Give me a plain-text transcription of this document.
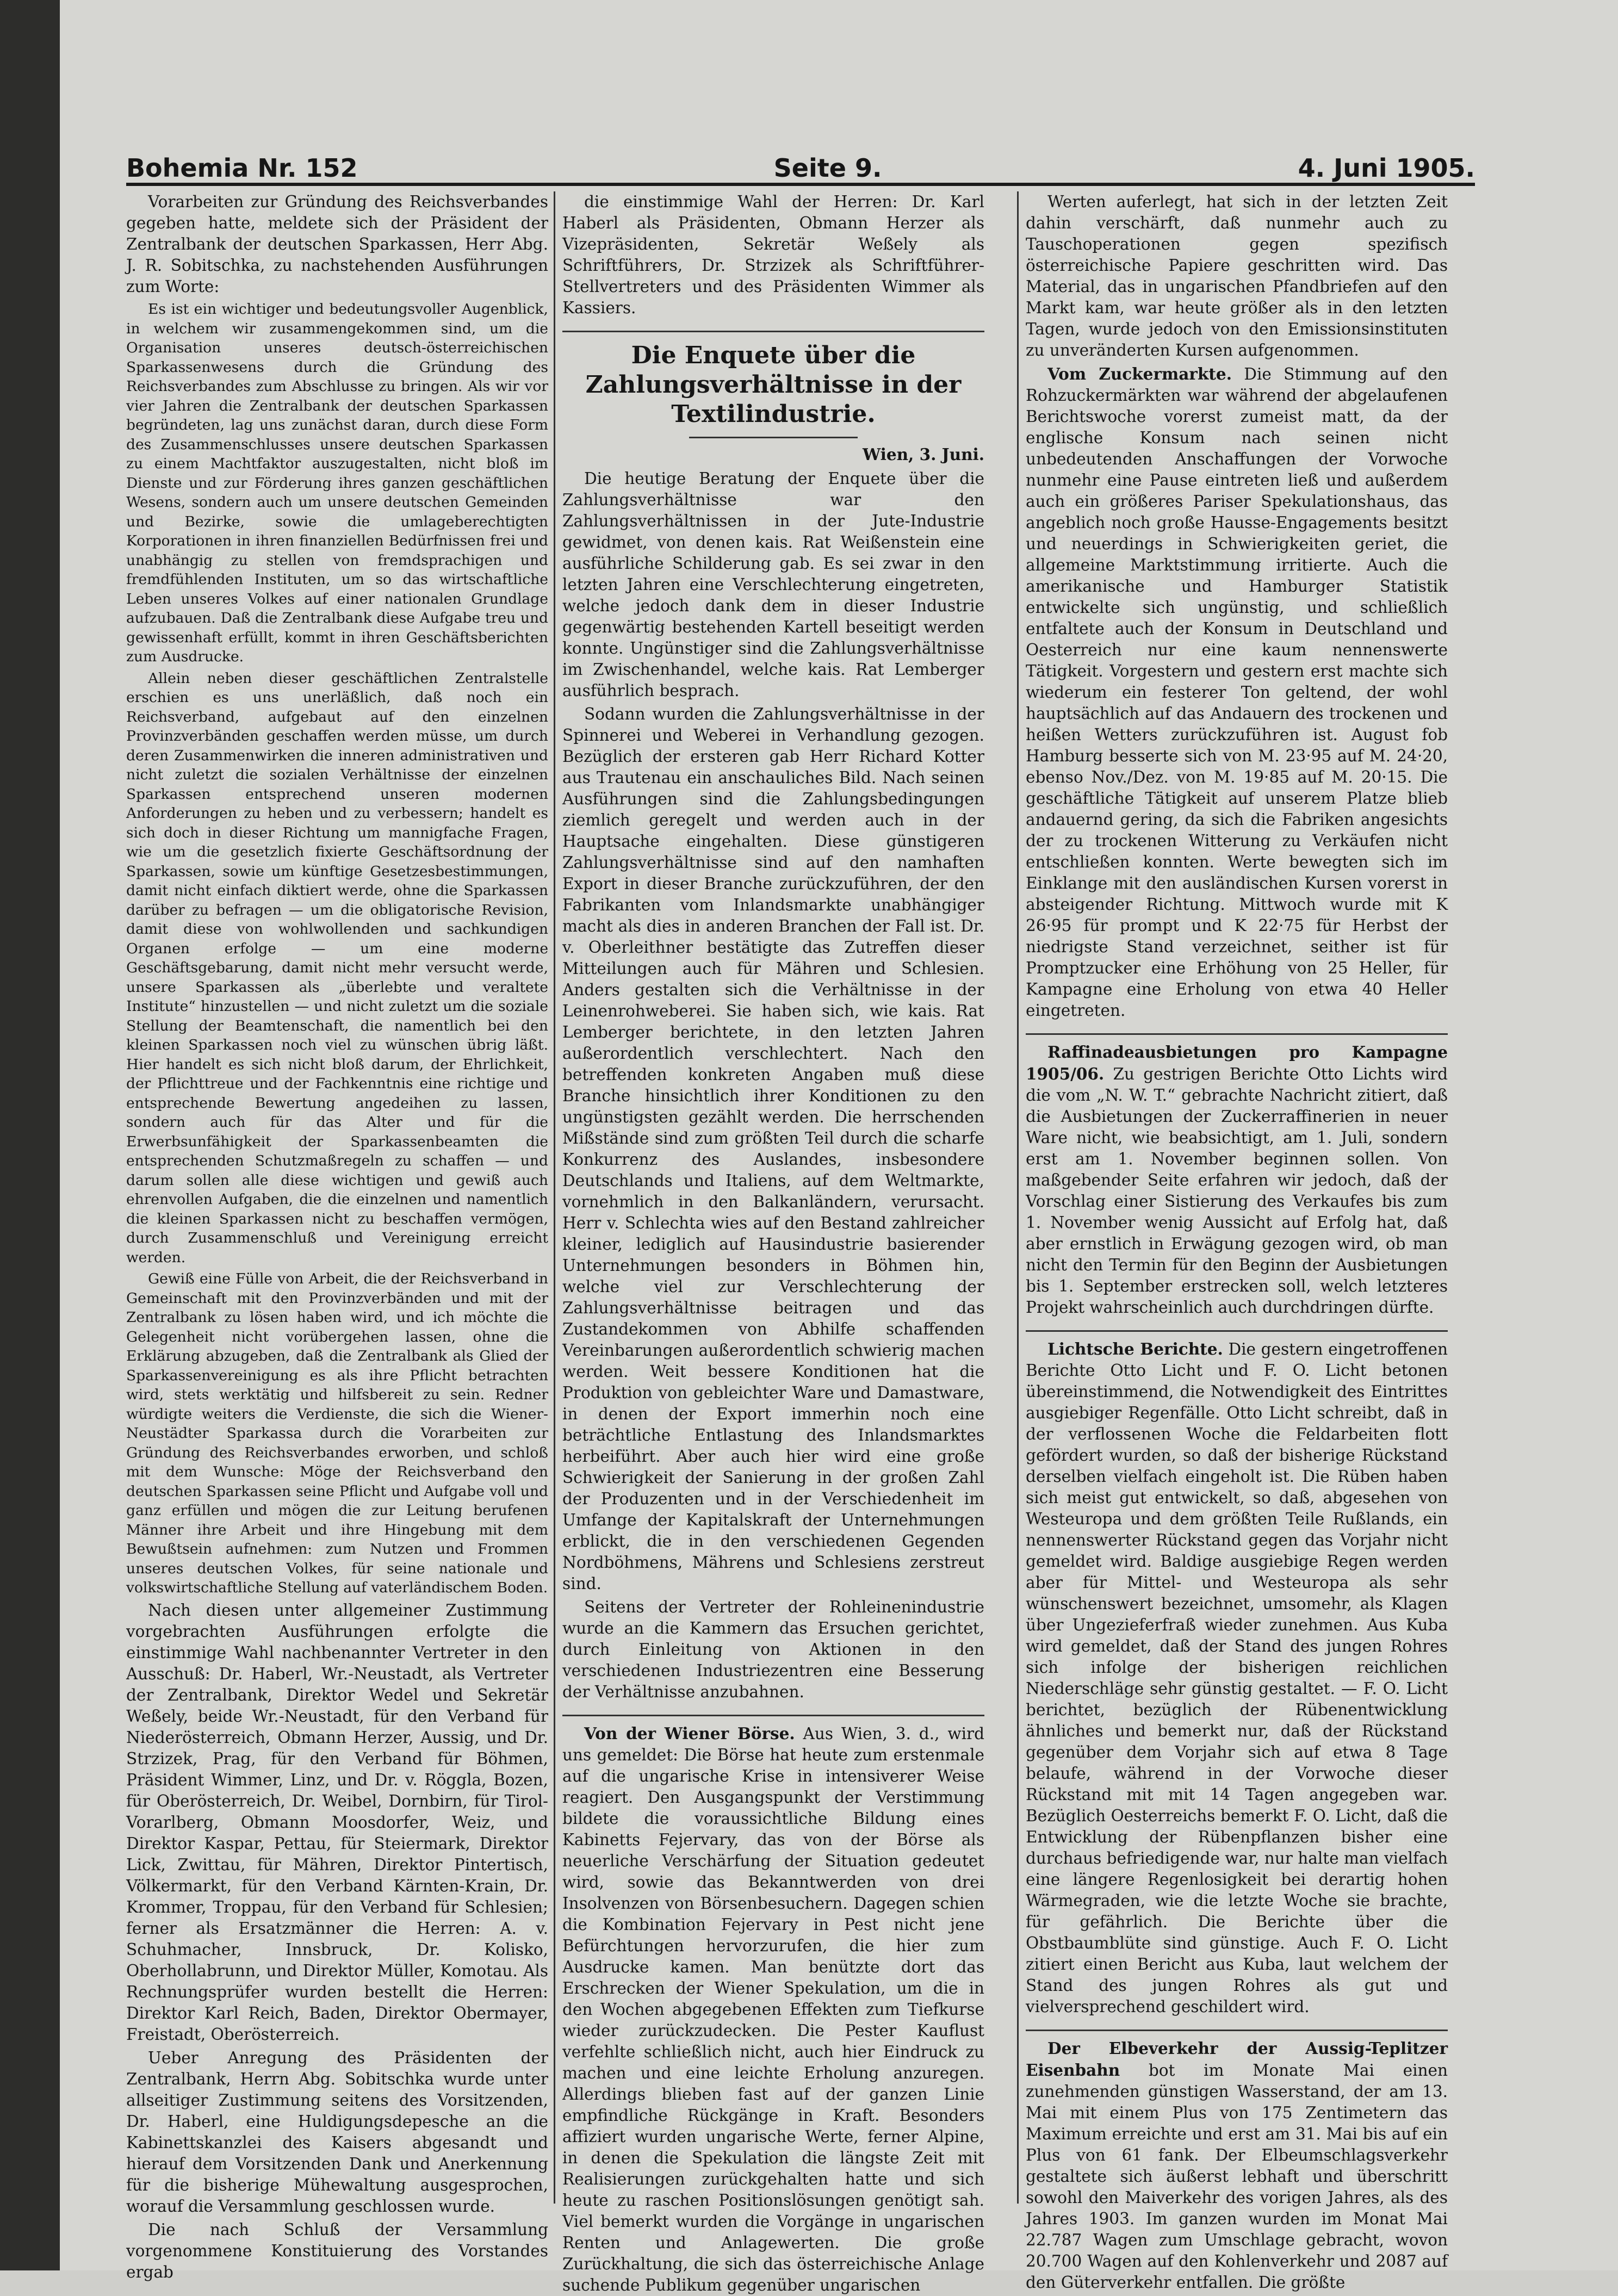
Bohemia Nr. 152	Seite 9.	4. Juni 1905.

Vorarbeiten zur Gründung des Reichsverbandes gegeben hatte, meldete sich der Präsident der Zentralbank der deutschen Sparkassen, Herr Abg. J. R. Sobitschka, zu nachstehenden Ausführungen zum Worte:

Es ist ein wichtiger und bedeutungsvoller Augenblick, in welchem wir zusammengekommen sind, um die Organisation unseres deutsch-österreichischen Sparkassenwesens durch die Gründung des Reichsverbandes zum Abschlusse zu bringen. Als wir vor vier Jahren die Zentralbank der deutschen Sparkassen begründeten, lag uns zunächst daran, durch diese Form des Zusammenschlusses unsere deutschen Sparkassen zu einem Machtfaktor auszugestalten, nicht bloß im Dienste und zur Förderung ihres ganzen geschäftlichen Wesens, sondern auch um unsere deutschen Gemeinden und Bezirke, sowie die umlageberechtigten Korporationen in ihren finanziellen Bedürfnissen frei und unabhängig zu stellen von fremdsprachigen und fremdfühlenden Instituten, um so das wirtschaftliche Leben unseres Volkes auf einer nationalen Grundlage aufzubauen. Daß die Zentralbank diese Aufgabe treu und gewissenhaft erfüllt, kommt in ihren Geschäftsberichten zum Ausdrucke.

Allein neben dieser geschäftlichen Zentralstelle erschien es uns unerläßlich, daß noch ein Reichsverband, aufgebaut auf den einzelnen Provinzverbänden geschaffen werden müsse, um durch deren Zusammenwirken die inneren administrativen und nicht zuletzt die sozialen Verhältnisse der einzelnen Sparkassen entsprechend unseren modernen Anforderungen zu heben und zu verbessern; handelt es sich doch in dieser Richtung um mannigfache Fragen, wie um die gesetzlich fixierte Geschäftsordnung der Sparkassen, sowie um künftige Gesetzesbestimmungen, damit nicht einfach diktiert werde, ohne die Sparkassen darüber zu befragen — um die obligatorische Revision, damit diese von wohlwollenden und sachkundigen Organen erfolge — um eine moderne Geschäftsgebarung, damit nicht mehr versucht werde, unsere Sparkassen als „überlebte und veraltete Institute“ hinzustellen — und nicht zuletzt um die soziale Stellung der Beamtenschaft, die namentlich bei den kleinen Sparkassen noch viel zu wünschen übrig läßt. Hier handelt es sich nicht bloß darum, der Ehrlichkeit, der Pflichttreue und der Fachkenntnis eine richtige und entsprechende Bewertung angedeihen zu lassen, sondern auch für das Alter und für die Erwerbsunfähigkeit der Sparkassenbeamten die entsprechenden Schutzmaßregeln zu schaffen — und darum sollen alle diese wichtigen und gewiß auch ehrenvollen Aufgaben, die die einzelnen und namentlich die kleinen Sparkassen nicht zu beschaffen vermögen, durch Zusammenschluß und Vereinigung erreicht werden.

Gewiß eine Fülle von Arbeit, die der Reichsverband in Gemeinschaft mit den Provinzverbänden und mit der Zentralbank zu lösen haben wird, und ich möchte die Gelegenheit nicht vorübergehen lassen, ohne die Erklärung abzugeben, daß die Zentralbank als Glied der Sparkassenvereinigung es als ihre Pflicht betrachten wird, stets werktätig und hilfsbereit zu sein. Redner würdigte weiters die Verdienste, die sich die Wiener-Neustädter Sparkassa durch die Vorarbeiten zur Gründung des Reichsverbandes erworben, und schloß mit dem Wunsche: Möge der Reichsverband den deutschen Sparkassen seine Pflicht und Aufgabe voll und ganz erfüllen und mögen die zur Leitung berufenen Männer ihre Arbeit und ihre Hingebung mit dem Bewußtsein aufnehmen: zum Nutzen und Frommen unseres deutschen Volkes, für seine nationale und volkswirtschaftliche Stellung auf vaterländischem Boden.

Nach diesen unter allgemeiner Zustimmung vorgebrachten Ausführungen erfolgte die einstimmige Wahl nachbenannter Vertreter in den Ausschuß: Dr. Haberl, Wr.-Neustadt, als Vertreter der Zentralbank, Direktor Wedel und Sekretär Weßely, beide Wr.-Neustadt, für den Verband für Niederösterreich, Obmann Herzer, Aussig, und Dr. Strzizek, Prag, für den Verband für Böhmen, Präsident Wimmer, Linz, und Dr. v. Röggla, Bozen, für Oberösterreich, Dr. Weibel, Dornbirn, für Tirol-Vorarlberg, Obmann Moosdorfer, Weiz, und Direktor Kaspar, Pettau, für Steiermark, Direktor Lick, Zwittau, für Mähren, Direktor Pintertisch, Völkermarkt, für den Verband Kärnten-Krain, Dr. Krommer, Troppau, für den Verband für Schlesien; ferner als Ersatzmänner die Herren: A. v. Schuhmacher, Innsbruck, Dr. Kolisko, Oberhollabrunn, und Direktor Müller, Komotau. Als Rechnungsprüfer wurden bestellt die Herren: Direktor Karl Reich, Baden, Direktor Obermayer, Freistadt, Oberösterreich.

Ueber Anregung des Präsidenten der Zentralbank, Herrn Abg. Sobitschka wurde unter allseitiger Zustimmung seitens des Vorsitzenden, Dr. Haberl, eine Huldigungsdepesche an die Kabinettskanzlei des Kaisers abgesandt und hierauf dem Vorsitzenden Dank und Anerkennung für die bisherige Mühewaltung ausgesprochen, worauf die Versammlung geschlossen wurde.

Die nach Schluß der Versammlung vorgenommene Konstituierung des Vorstandes ergab

die einstimmige Wahl der Herren: Dr. Karl Haberl als Präsidenten, Obmann Herzer als Vizepräsidenten, Sekretär Weßely als Schriftführers, Dr. Strzizek als Schriftführer-Stellvertreters und des Präsidenten Wimmer als Kassiers.

Die Enquete über die Zahlungsverhältnisse in der Textilindustrie.
Wien, 3. Juni.

Die heutige Beratung der Enquete über die Zahlungsverhältnisse war den Zahlungsverhältnissen in der Jute-Industrie gewidmet, von denen kais. Rat Weißenstein eine ausführliche Schilderung gab. Es sei zwar in den letzten Jahren eine Verschlechterung eingetreten, welche jedoch dank dem in dieser Industrie gegenwärtig bestehenden Kartell beseitigt werden konnte. Ungünstiger sind die Zahlungsverhältnisse im Zwischenhandel, welche kais. Rat Lemberger ausführlich besprach.

Sodann wurden die Zahlungsverhältnisse in der Spinnerei und Weberei in Verhandlung gezogen. Bezüglich der ersteren gab Herr Richard Kotter aus Trautenau ein anschauliches Bild. Nach seinen Ausführungen sind die Zahlungsbedingungen ziemlich geregelt und werden auch in der Hauptsache eingehalten. Diese günstigeren Zahlungsverhältnisse sind auf den namhaften Export in dieser Branche zurückzuführen, der den Fabrikanten vom Inlandsmarkte unabhängiger macht als dies in anderen Branchen der Fall ist. Dr. v. Oberleithner bestätigte das Zutreffen dieser Mitteilungen auch für Mähren und Schlesien. Anders gestalten sich die Verhältnisse in der Leinenrohweberei. Sie haben sich, wie kais. Rat Lemberger berichtete, in den letzten Jahren außerordentlich verschlechtert. Nach den betreffenden konkreten Angaben muß diese Branche hinsichtlich ihrer Konditionen zu den ungünstigsten gezählt werden. Die herrschenden Mißstände sind zum größten Teil durch die scharfe Konkurrenz des Auslandes, insbesondere Deutschlands und Italiens, auf dem Weltmarkte, vornehmlich in den Balkanländern, verursacht. Herr v. Schlechta wies auf den Bestand zahlreicher kleiner, lediglich auf Hausindustrie basierender Unternehmungen besonders in Böhmen hin, welche viel zur Verschlechterung der Zahlungsverhältnisse beitragen und das Zustandekommen von Abhilfe schaffenden Vereinbarungen außerordentlich schwierig machen werden. Weit bessere Konditionen hat die Produktion von gebleichter Ware und Damastware, in denen der Export immerhin noch eine beträchtliche Entlastung des Inlandsmarktes herbeiführt. Aber auch hier wird eine große Schwierigkeit der Sanierung in der großen Zahl der Produzenten und in der Verschiedenheit im Umfange der Kapitalskraft der Unternehmungen erblickt, die in den verschiedenen Gegenden Nordböhmens, Mährens und Schlesiens zerstreut sind.

Seitens der Vertreter der Rohleinenindustrie wurde an die Kammern das Ersuchen gerichtet, durch Einleitung von Aktionen in den verschiedenen Industriezentren eine Besserung der Verhältnisse anzubahnen.

Von der Wiener Börse. Aus Wien, 3. d., wird uns gemeldet: Die Börse hat heute zum erstenmale auf die ungarische Krise in intensiverer Weise reagiert. Den Ausgangspunkt der Verstimmung bildete die voraussichtliche Bildung eines Kabinetts Fejervary, das von der Börse als neuerliche Verschärfung der Situation gedeutet wird, sowie das Bekanntwerden von drei Insolvenzen von Börsenbesuchern. Dagegen schien die Kombination Fejervary in Pest nicht jene Befürchtungen hervorzurufen, die hier zum Ausdrucke kamen. Man benützte dort das Erschrecken der Wiener Spekulation, um die in den Wochen abgegebenen Effekten zum Tiefkurse wieder zurückzudecken. Die Pester Kauflust verfehlte schließlich nicht, auch hier Eindruck zu machen und eine leichte Erholung anzuregen. Allerdings blieben fast auf der ganzen Linie empfindliche Rückgänge in Kraft. Besonders affiziert wurden ungarische Werte, ferner Alpine, in denen die Spekulation die längste Zeit mit Realisierungen zurückgehalten hatte und sich heute zu raschen Positionslösungen genötigt sah. Viel bemerkt wurden die Vorgänge in ungarischen Renten und Anlagewerten. Die große Zurückhaltung, die sich das österreichische Anlage suchende Publikum gegenüber ungarischen

Werten auferlegt, hat sich in der letzten Zeit dahin verschärft, daß nunmehr auch zu Tauschoperationen gegen spezifisch österreichische Papiere geschritten wird. Das Material, das in ungarischen Pfandbriefen auf den Markt kam, war heute größer als in den letzten Tagen, wurde jedoch von den Emissionsinstituten zu unveränderten Kursen aufgenommen.

Vom Zuckermarkte. Die Stimmung auf den Rohzuckermärkten war während der abgelaufenen Berichtswoche vorerst zumeist matt, da der englische Konsum nach seinen nicht unbedeutenden Anschaffungen der Vorwoche nunmehr eine Pause eintreten ließ und außerdem auch ein größeres Pariser Spekulationshaus, das angeblich noch große Hausse-Engagements besitzt und neuerdings in Schwierigkeiten geriet, die allgemeine Marktstimmung irritierte. Auch die amerikanische und Hamburger Statistik entwickelte sich ungünstig, und schließlich entfaltete auch der Konsum in Deutschland und Oesterreich nur eine kaum nennenswerte Tätigkeit. Vorgestern und gestern erst machte sich wiederum ein festerer Ton geltend, der wohl hauptsächlich auf das Andauern des trockenen und heißen Wetters zurückzuführen ist. August fob Hamburg besserte sich von M. 23·95 auf M. 24·20, ebenso Nov./Dez. von M. 19·85 auf M. 20·15. Die geschäftliche Tätigkeit auf unserem Platze blieb andauernd gering, da sich die Fabriken angesichts der zu trockenen Witterung zu Verkäufen nicht entschließen konnten. Werte bewegten sich im Einklange mit den ausländischen Kursen vorerst in absteigender Richtung. Mittwoch wurde mit K 26·95 für prompt und K 22·75 für Herbst der niedrigste Stand verzeichnet, seither ist für Promptzucker eine Erhöhung von 25 Heller, für Kampagne eine Erholung von etwa 40 Heller eingetreten.

Raffinadeausbietungen pro Kampagne 1905/06. Zu gestrigen Berichte Otto Lichts wird die vom „N. W. T.“ gebrachte Nachricht zitiert, daß die Ausbietungen der Zuckerraffinerien in neuer Ware nicht, wie beabsichtigt, am 1. Juli, sondern erst am 1. November beginnen sollen. Von maßgebender Seite erfahren wir jedoch, daß der Vorschlag einer Sistierung des Verkaufes bis zum 1. November wenig Aussicht auf Erfolg hat, daß aber ernstlich in Erwägung gezogen wird, ob man nicht den Termin für den Beginn der Ausbietungen bis 1. September erstrecken soll, welch letzteres Projekt wahrscheinlich auch durchdringen dürfte.

Lichtsche Berichte. Die gestern eingetroffenen Berichte Otto Licht und F. O. Licht betonen übereinstimmend, die Notwendigkeit des Eintrittes ausgiebiger Regenfälle. Otto Licht schreibt, daß in der verflossenen Woche die Feldarbeiten flott gefördert wurden, so daß der bisherige Rückstand derselben vielfach eingeholt ist. Die Rüben haben sich meist gut entwickelt, so daß, abgesehen von Westeuropa und dem größten Teile Rußlands, ein nennenswerter Rückstand gegen das Vorjahr nicht gemeldet wird. Baldige ausgiebige Regen werden aber für Mittel- und Westeuropa als sehr wünschenswert bezeichnet, umsomehr, als Klagen über Ungezieferfraß wieder zunehmen. Aus Kuba wird gemeldet, daß der Stand des jungen Rohres sich infolge der bisherigen reichlichen Niederschläge sehr günstig gestaltet. — F. O. Licht berichtet, bezüglich der Rübenentwicklung ähnliches und bemerkt nur, daß der Rückstand gegenüber dem Vorjahr sich auf etwa 8 Tage belaufe, während in der Vorwoche dieser Rückstand mit mit 14 Tagen angegeben war. Bezüglich Oesterreichs bemerkt F. O. Licht, daß die Entwicklung der Rübenpflanzen bisher eine durchaus befriedigende war, nur halte man vielfach eine längere Regenlosigkeit bei derartig hohen Wärmegraden, wie die letzte Woche sie brachte, für gefährlich. Die Berichte über die Obstbaumblüte sind günstige. Auch F. O. Licht zitiert einen Bericht aus Kuba, laut welchem der Stand des jungen Rohres als gut und vielversprechend geschildert wird.

Der Elbeverkehr der Aussig-Teplitzer Eisenbahn bot im Monate Mai einen zunehmenden günstigen Wasserstand, der am 13. Mai mit einem Plus von 175 Zentimetern das Maximum erreichte und erst am 31. Mai bis auf ein Plus von 61 fank. Der Elbeumschlagsverkehr gestaltete sich äußerst lebhaft und überschritt sowohl den Maiverkehr des vorigen Jahres, als des Jahres 1903. Im ganzen wurden im Monat Mai 22.787 Wagen zum Umschlage gebracht, wovon 20.700 Wagen auf den Kohlenverkehr und 2087 auf den Güterverkehr entfallen. Die größte
